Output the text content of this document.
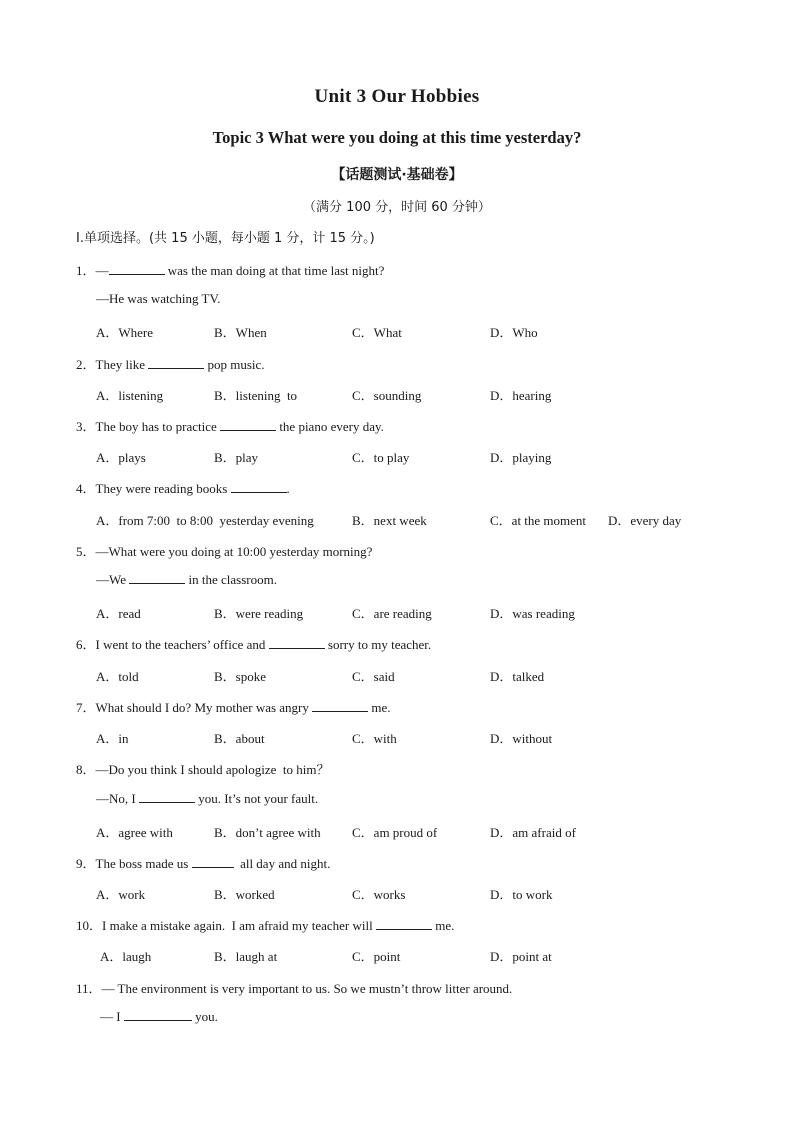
Unit 3 Our Hobbies
Topic 3 What were you doing at this time yesterday?
【话题测试·基础卷】
（满分 100 分，时间 60 分钟）
I.单项选择。(共 15 小题，每小题 1 分，计 15 分。)
1．—	was the man doing at that time last night?
—He was watching TV.
A．Where	B．When	C．What	D．Who
2．They like	pop music.
A．listening	B．listening  to	C．sounding	D．hearing
3．The boy has to practice	the piano every day.
A．plays	B．play	C．to play	D．playing
4．They were reading books	.
A．from 7:00  to 8:00  yesterday evening	B．next week	C．at the moment D．every day
5．—What were you doing at 10:00 yesterday morning?
—We	in the classroom.
A．read	B．were reading	C．are reading	D．was reading
6．I went to the teachers’ office and	sorry to my teacher.
A．told	B．spoke	C．said	D．talked
7．What should I do? My mother was angry	me.
A．in	B．about	C．with	D．without
8．—Do you think I should apologize  to him？
—No, I	you. It’s not your fault.
A．agree with	B．don’t agree with C．am proud of	D．am afraid of
9．The boss made us	all day and night.
A．work	B．worked	C．works	D．to work
10．I make a mistake again.  I am afraid my teacher will	me.
A．laugh	B．laugh at	C．point	D．point at
11．— The environment is very important to us. So we mustn’t throw litter around.
— I	you.
